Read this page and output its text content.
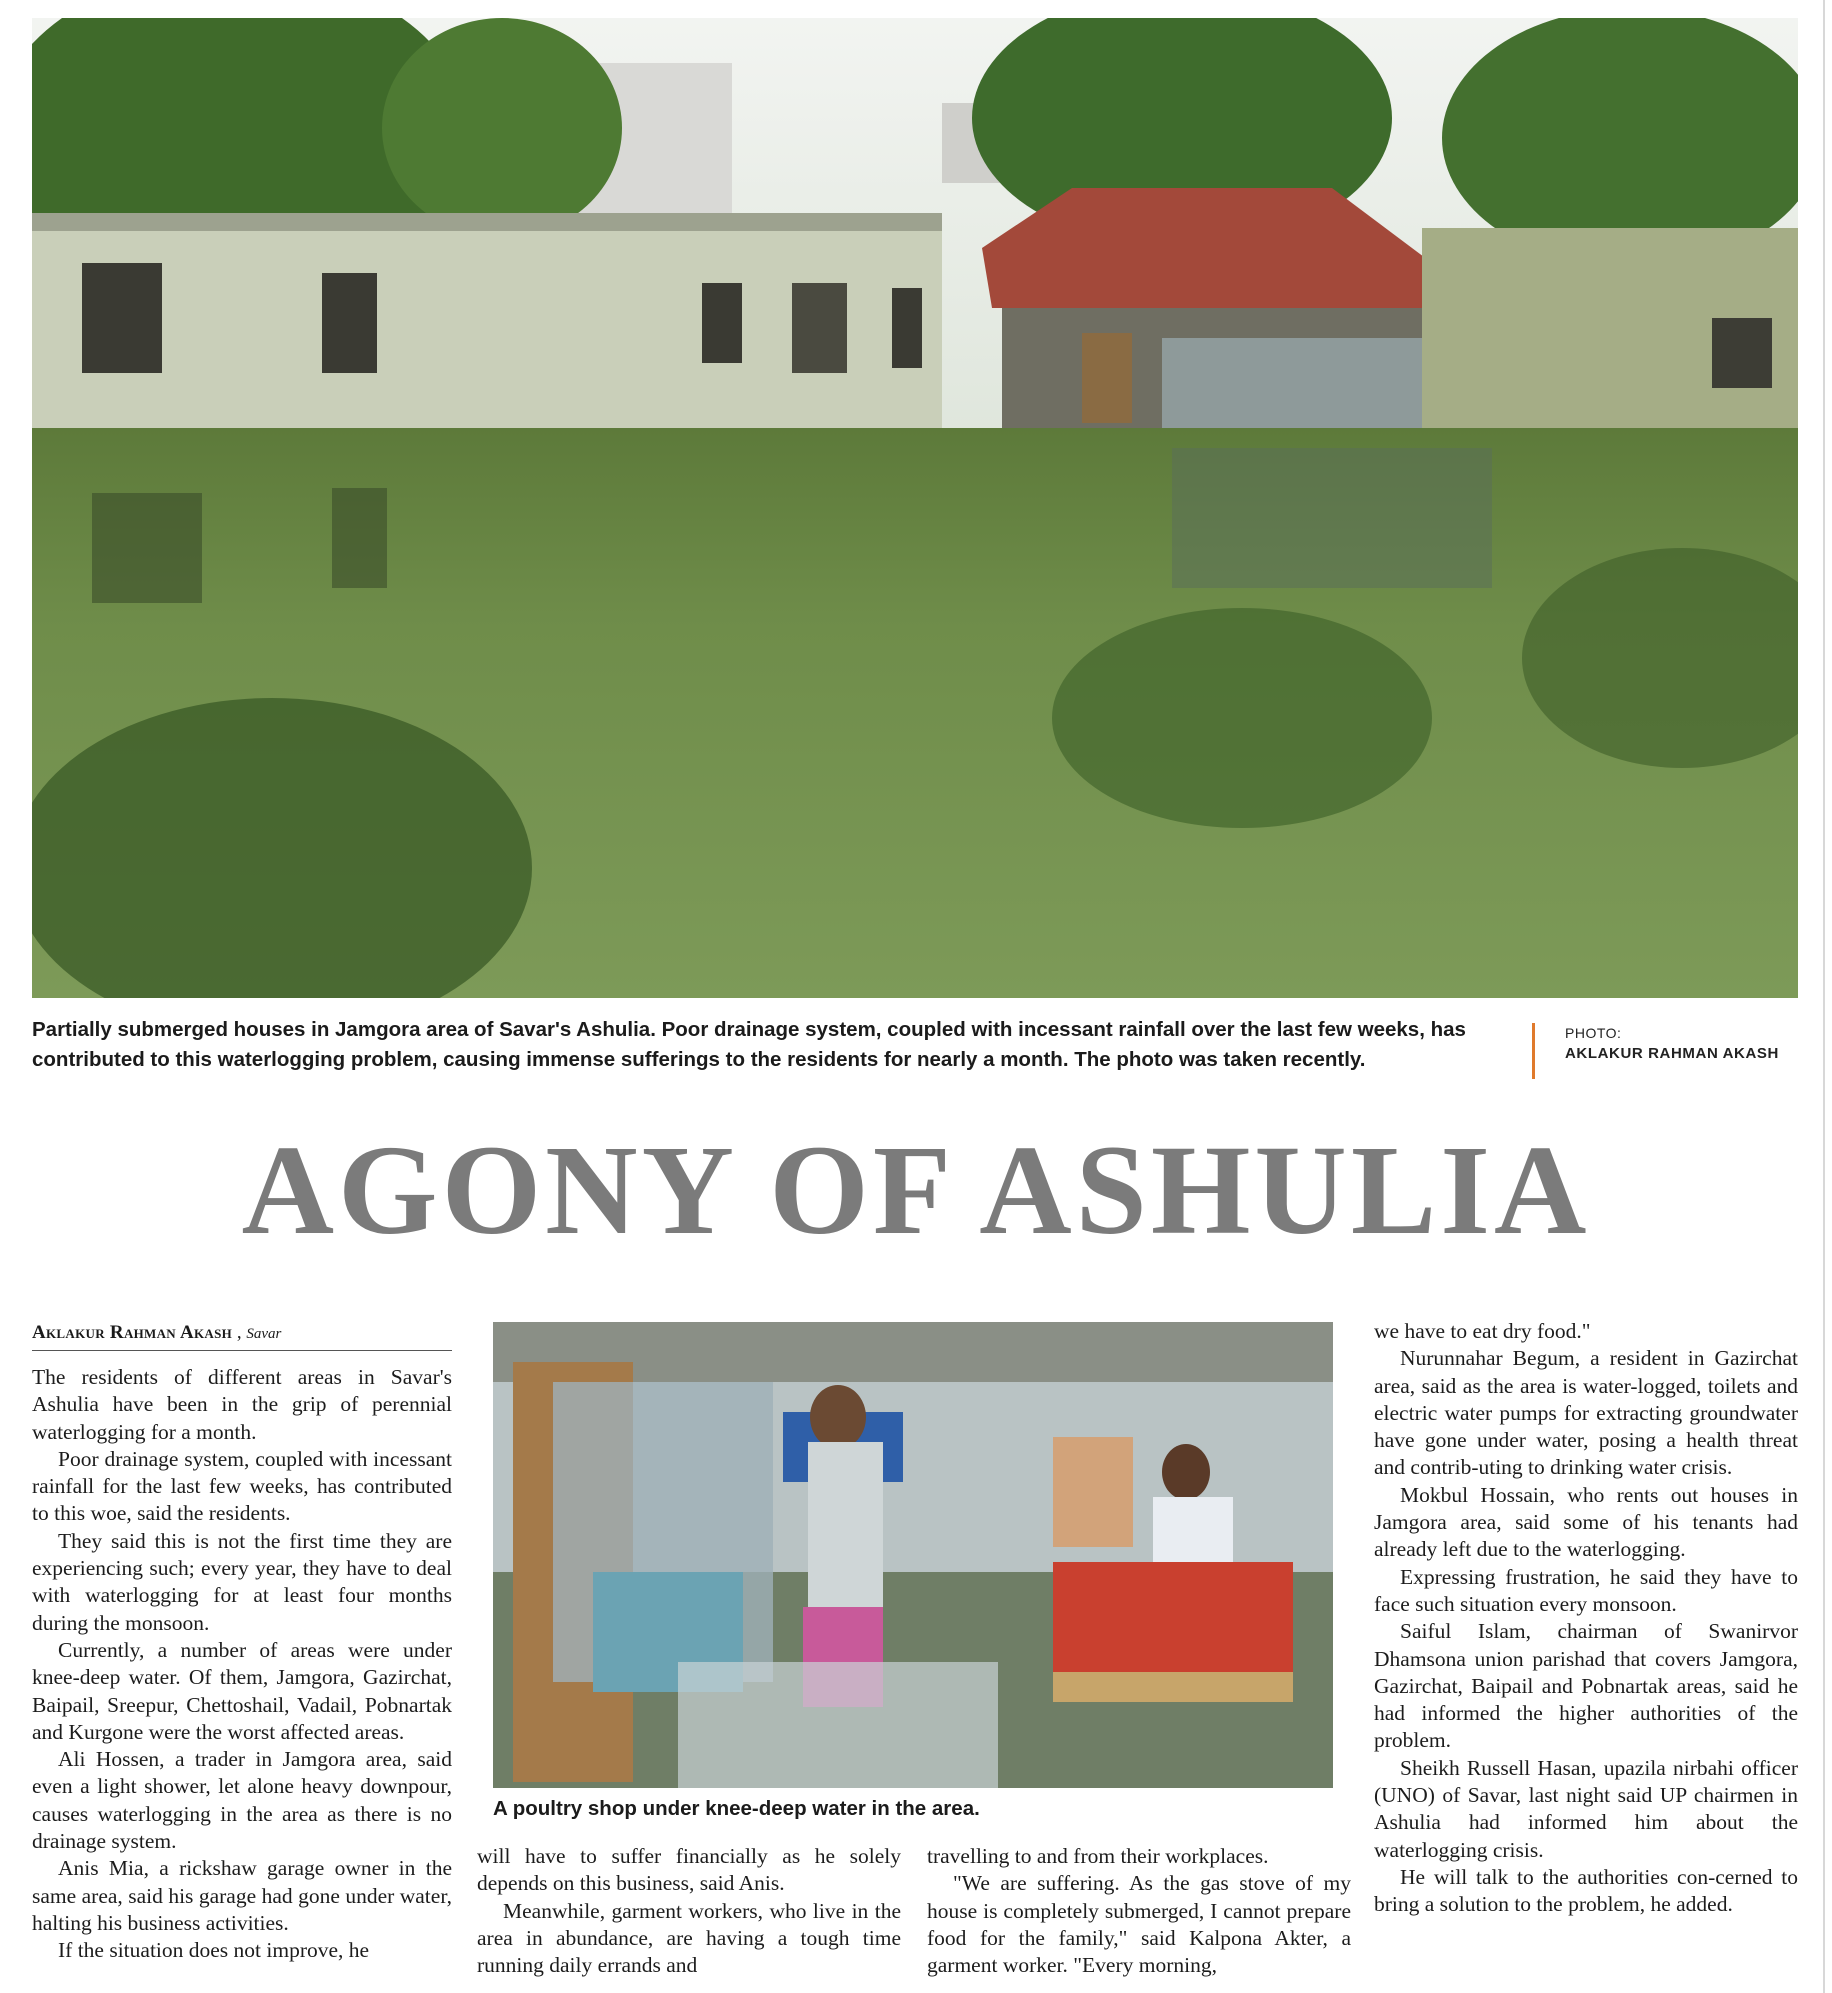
Partially submerged houses in Jamgora area of Savar's Ashulia. Poor drainage system, coupled with incessant rainfall over the last few weeks, has contributed to this waterlogging problem, causing immense sufferings to the residents for nearly a month. The photo was taken recently.
PHOTO:
AKLAKUR RAHMAN AKASH
AGONY OF ASHULIA
Aklakur Rahman Akash , Savar

The residents of different areas in Savar's Ashulia have been in the grip of perennial waterlogging for a month.

Poor drainage system, coupled with incessant rainfall for the last few weeks, has contributed to this woe, said the residents.

They said this is not the first time they are experiencing such; every year, they have to deal with waterlogging for at least four months during the monsoon.

Currently, a number of areas were under knee-deep water. Of them, Jamgora, Gazirchat, Baipail, Sreepur, Chettoshail, Vadail, Pobnartak and Kurgone were the worst affected areas.

Ali Hossen, a trader in Jamgora area, said even a light shower, let alone heavy downpour, causes waterlogging in the area as there is no drainage system.

Anis Mia, a rickshaw garage owner in the same area, said his garage had gone under water, halting his business activities.

If the situation does not improve, he

A poultry shop under knee-deep water in the area.

will have to suffer financially as he solely depends on this business, said Anis.

Meanwhile, garment workers, who live in the area in abundance, are having a tough time running daily errands and

travelling to and from their workplaces.

"We are suffering. As the gas stove of my house is completely submerged, I cannot prepare food for the family," said Kalpona Akter, a garment worker. "Every morning,

we have to eat dry food."

Nurunnahar Begum, a resident in Gazirchat area, said as the area is water-logged, toilets and electric water pumps for extracting groundwater have gone under water, posing a health threat and contrib-uting to drinking water crisis.

Mokbul Hossain, who rents out houses in Jamgora area, said some of his tenants had already left due to the waterlogging.

Expressing frustration, he said they have to face such situation every monsoon.

Saiful Islam, chairman of Swanirvor Dhamsona union parishad that covers Jamgora, Gazirchat, Baipail and Pobnartak areas, said he had informed the higher authorities of the problem.

Sheikh Russell Hasan, upazila nirbahi officer (UNO) of Savar, last night said UP chairmen in Ashulia had informed him about the waterlogging crisis.

He will talk to the authorities con-cerned to bring a solution to the problem, he added.
